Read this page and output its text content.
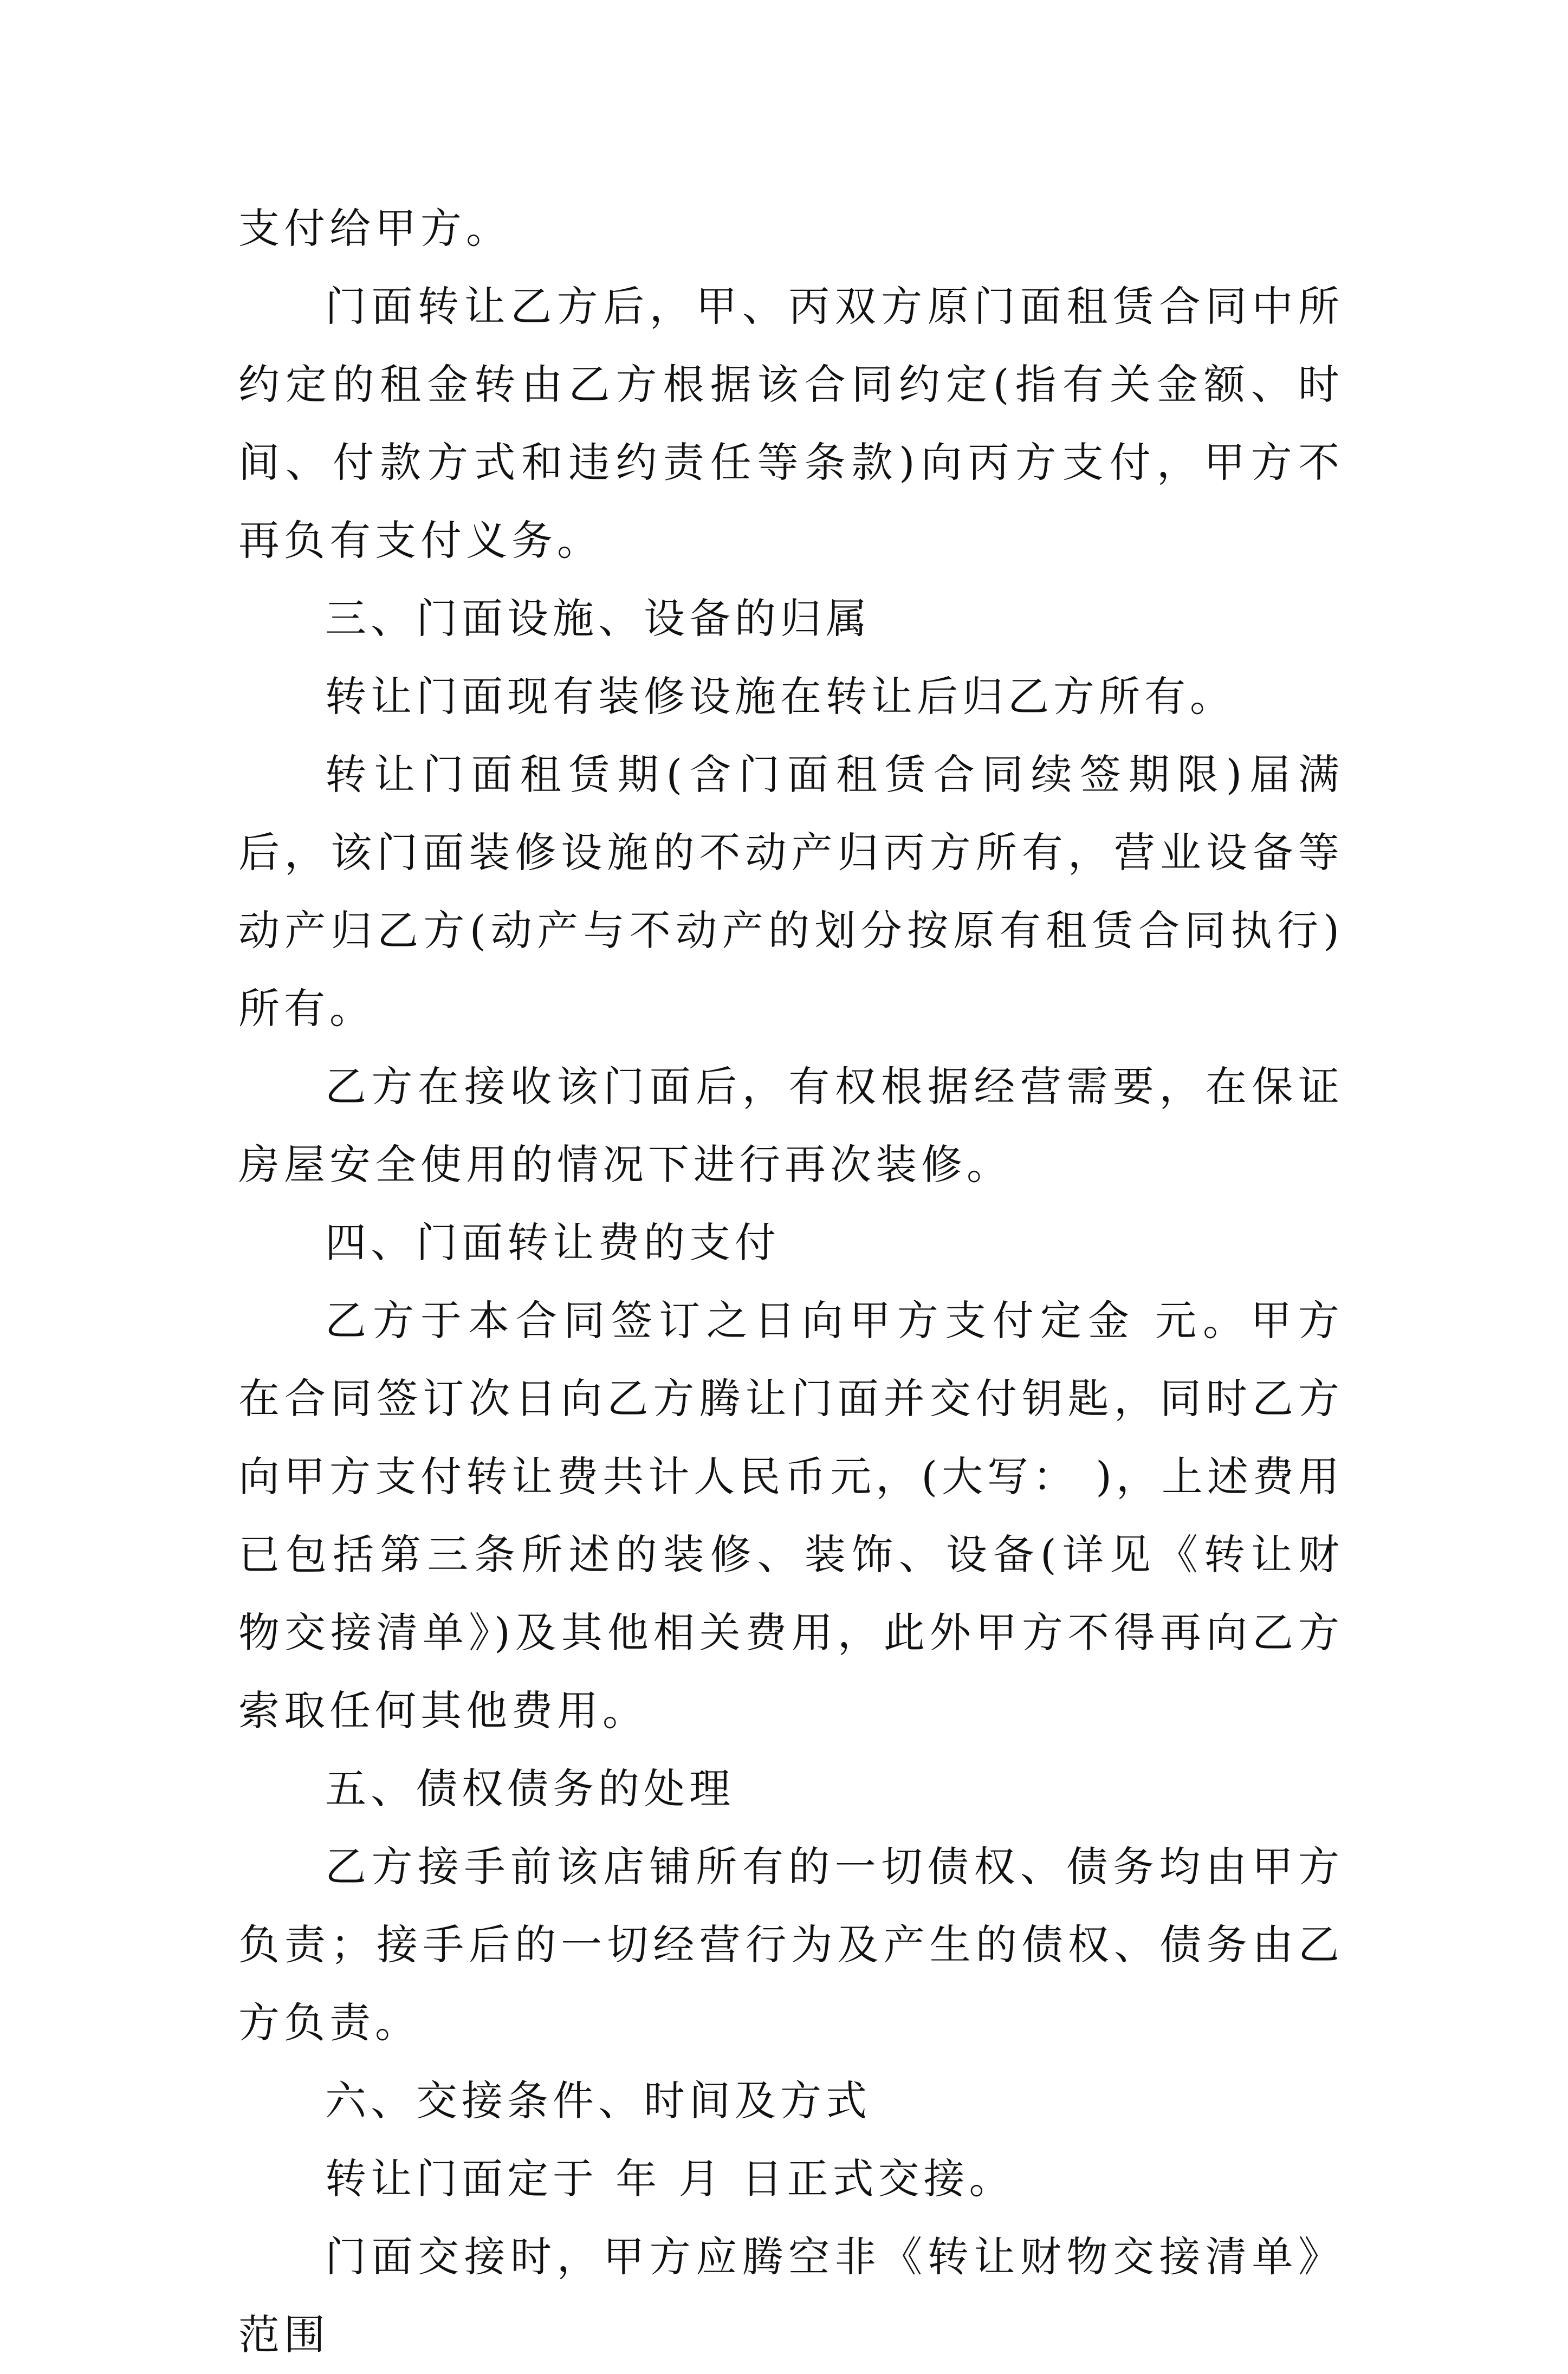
支付给甲方。

门面转让乙方后，甲、丙双方原门面租赁合同中所约定的租金转由乙方根据该合同约定(指有关金额、时间、付款方式和违约责任等条款)向丙方支付，甲方不再负有支付义务。

三、门面设施、设备的归属

转让门面现有装修设施在转让后归乙方所有。

转让门面租赁期(含门面租赁合同续签期限)届满后，该门面装修设施的不动产归丙方所有，营业设备等动产归乙方(动产与不动产的划分按原有租赁合同执行)所有。

乙方在接收该门面后，有权根据经营需要，在保证房屋安全使用的情况下进行再次装修。

四、门面转让费的支付

乙方于本合同签订之日向甲方支付定金 元。甲方在合同签订次日向乙方腾让门面并交付钥匙，同时乙方向甲方支付转让费共计人民币元，(大写： )，上述费用已包括第三条所述的装修、装饰、设备(详见《转让财物交接清单》)及其他相关费用，此外甲方不得再向乙方索取任何其他费用。

五、债权债务的处理

乙方接手前该店铺所有的一切债权、债务均由甲方负责；接手后的一切经营行为及产生的债权、债务由乙方负责。

六、交接条件、时间及方式

转让门面定于 年 月 日正式交接。

门面交接时，甲方应腾空非《转让财物交接清单》范围
